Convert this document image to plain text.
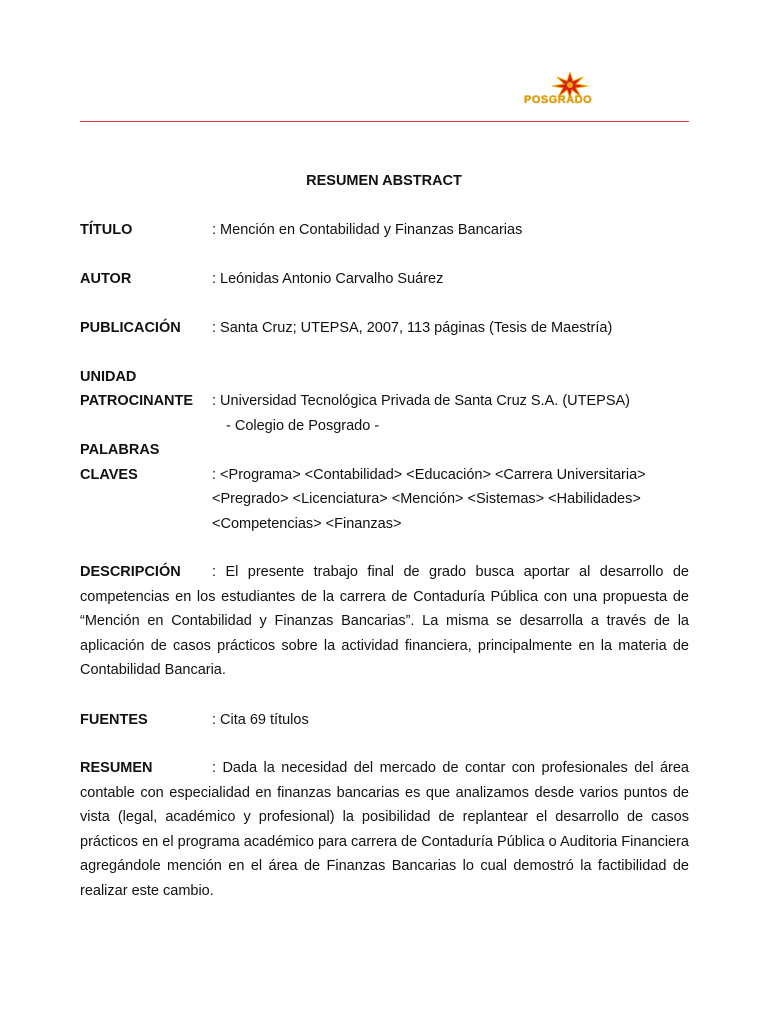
POSGRADO
RESUMEN ABSTRACT
TÍTULO	: Mención en Contabilidad y Finanzas Bancarias
AUTOR	: Leónidas Antonio Carvalho Suárez
PUBLICACIÓN : Santa Cruz; UTEPSA, 2007, 113 páginas (Tesis de Maestría)
UNIDAD
PATROCINANTE : Universidad Tecnológica Privada de Santa Cruz S.A. (UTEPSA)
- Colegio de Posgrado -
PALABRAS
CLAVES	: <Programa> <Contabilidad> <Educación> <Carrera Universitaria>
<Pregrado> <Licenciatura> <Mención> <Sistemas> <Habilidades>
<Competencias> <Finanzas>

DESCRIPCIÓN : El presente trabajo final de grado busca aportar al desarrollo de competencias en los estudiantes de la carrera de Contaduría Pública con una propuesta de “Mención en Contabilidad y Finanzas Bancarias”. La misma se desarrolla a través de la aplicación de casos prácticos sobre la actividad financiera, principalmente en la materia de Contabilidad Bancaria.

FUENTES	: Cita 69 títulos

RESUMEN	: Dada la necesidad del mercado de contar con profesionales del área contable con especialidad en finanzas bancarias es que analizamos desde varios puntos de vista (legal, académico y profesional) la posibilidad de replantear el desarrollo de casos prácticos en el programa académico para carrera de Contaduría Pública o Auditoria Financiera agregándole mención en el área de Finanzas Bancarias lo cual demostró la factibilidad de realizar este cambio.
